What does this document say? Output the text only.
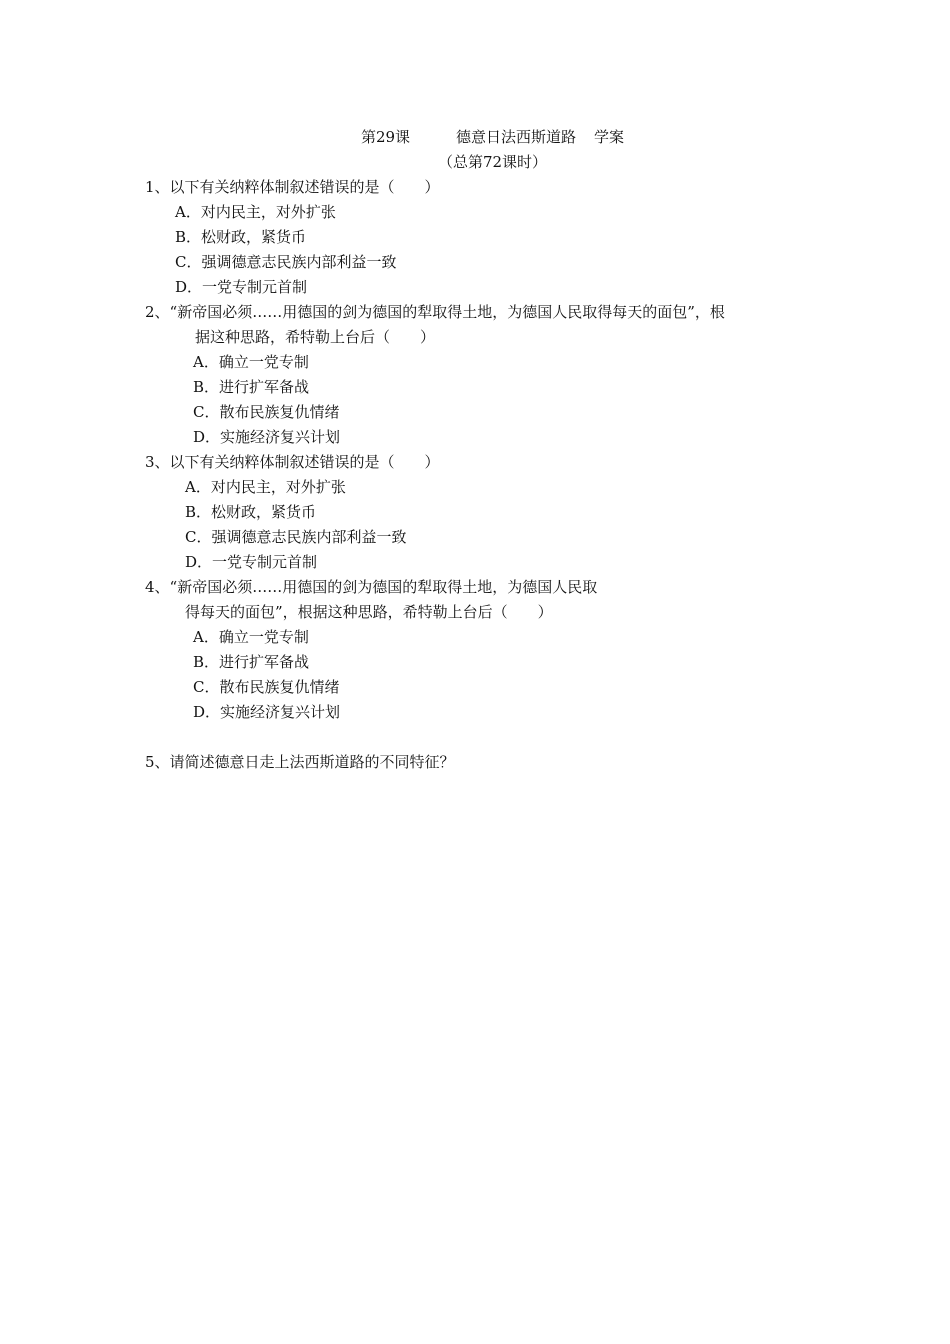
第29课	德意日法西斯道路 学案
（总第72课时）
1、以下有关纳粹体制叙述错误的是（　　）
A．对内民主，对外扩张
B．松财政，紧货币
C．强调德意志民族内部利益一致
D．一党专制元首制
2、“新帝国必须……用德国的剑为德国的犁取得土地，为德国人民取得每天的面包”，根
据这种思路，希特勒上台后（　　）
A．确立一党专制
B．进行扩军备战
C．散布民族复仇情绪
D．实施经济复兴计划
3、以下有关纳粹体制叙述错误的是（　　）
A．对内民主，对外扩张
B．松财政，紧货币
C．强调德意志民族内部利益一致
D．一党专制元首制
4、“新帝国必须……用德国的剑为德国的犁取得土地，为德国人民取
得每天的面包”，根据这种思路，希特勒上台后（　　）
A．确立一党专制
B．进行扩军备战
C．散布民族复仇情绪
D．实施经济复兴计划
5、请简述德意日走上法西斯道路的不同特征？
